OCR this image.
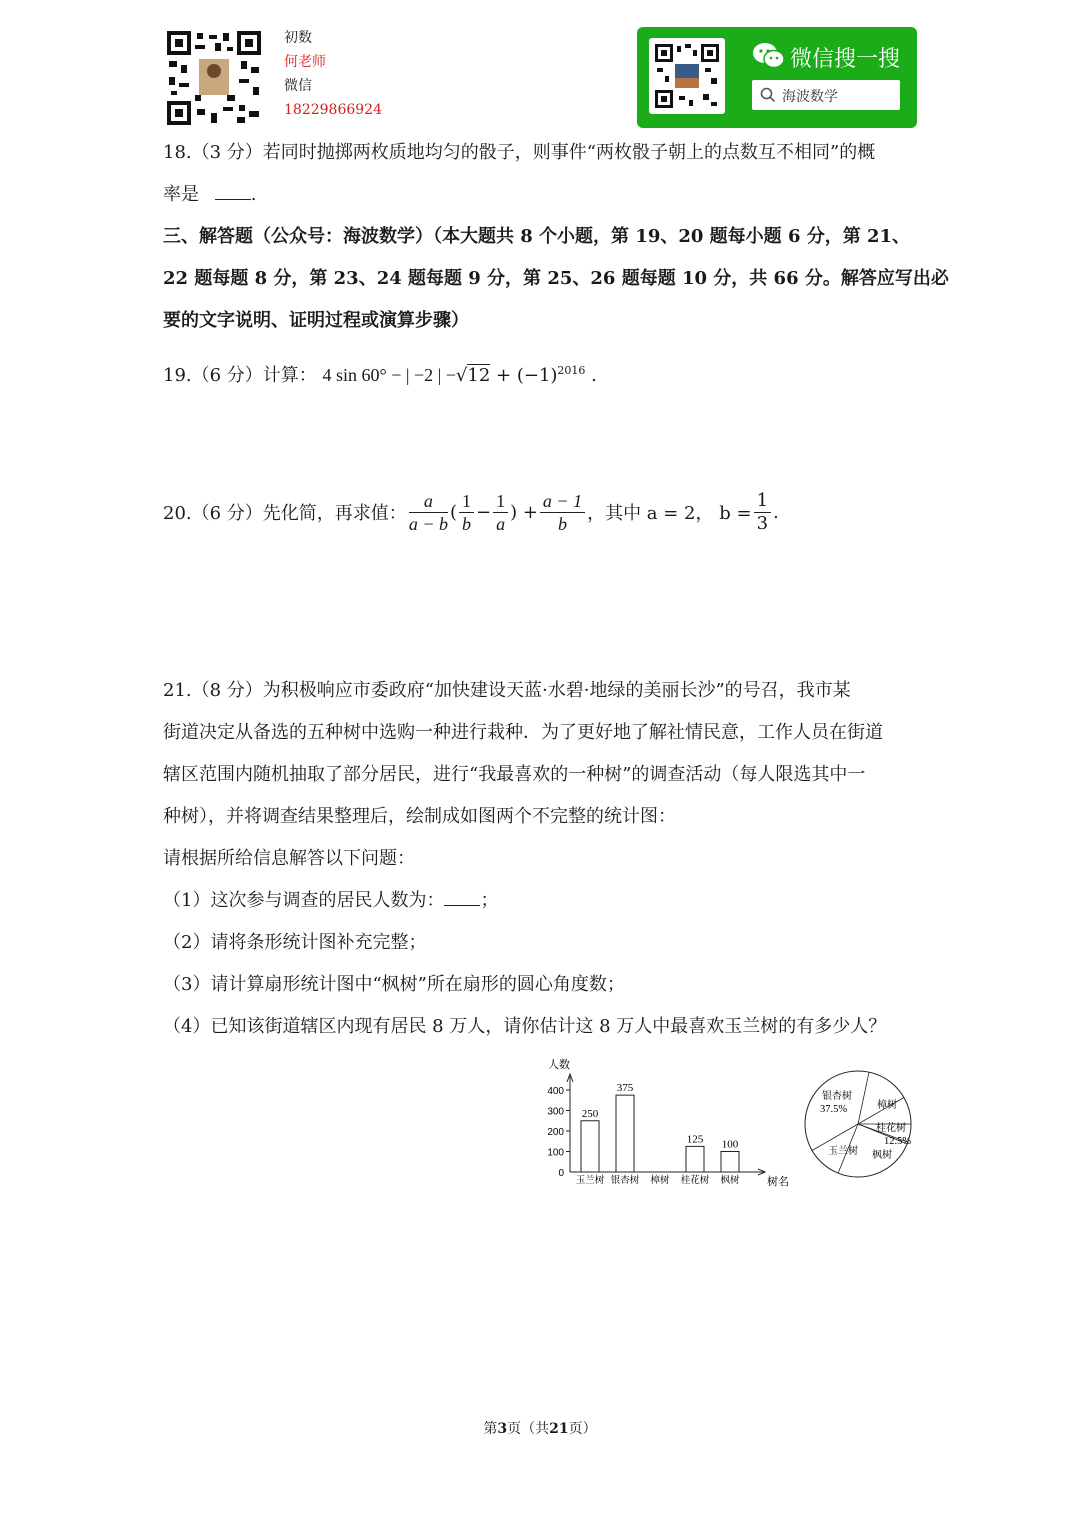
初数
何老师
微信
18229866924
微信搜一搜
海波数学
18.（3 分）若同时抛掷两枚质地均匀的骰子，则事件“两枚骰子朝上的点数互不相同”的概
率是	.
三、解答题（公众号：海波数学）（本大题共 8 个小题，第 19、20 题每小题 6 分，第 21、
22 题每题 8 分，第 23、24 题每题 9 分，第 25、26 题每题 10 分，共 66 分。解答应写出必
要的文字说明、证明过程或演算步骤）
19.（6 分）计算： 4 sin 60° − | −2 | $-√12 + (-1)^{2016}$ .
20.（6 分）先化简，再求值： $\frac{a}{a - b}$ ( $\frac{1}{b} - \frac{1}{a}$ ) + $\frac{a - 1}{b}$ ，其中 a = 2， $b = \frac{1}{3}$ .
21.（8 分）为积极响应市委政府“加快建设天蓝·水碧·地绿的美丽长沙”的号召，我市某
街道决定从备选的五种树中选购一种进行栽种．为了更好地了解社情民意，工作人员在街道
辖区范围内随机抽取了部分居民，进行“我最喜欢的一种树”的调查活动（每人限选其中一
种树），并将调查结果整理后，绘制成如图两个不完整的统计图：
请根据所给信息解答以下问题：
（1）这次参与调查的居民人数为： ；
（2）请将条形统计图补充完整；
（3）请计算扇形统计图中“枫树”所在扇形的圆心角度数；
（4）已知该街道辖区内现有居民 8 万人，请你估计这 8 万人中最喜欢玉兰树的有多少人？
人数
树名
0
100
200
300
400
250
玉兰树
375
银杏树 樟树
125
桂花树
100
枫树
银杏树
37.5%	樟树
桂花树
12.5%
枫树
玉兰树
第3页（共21页）
